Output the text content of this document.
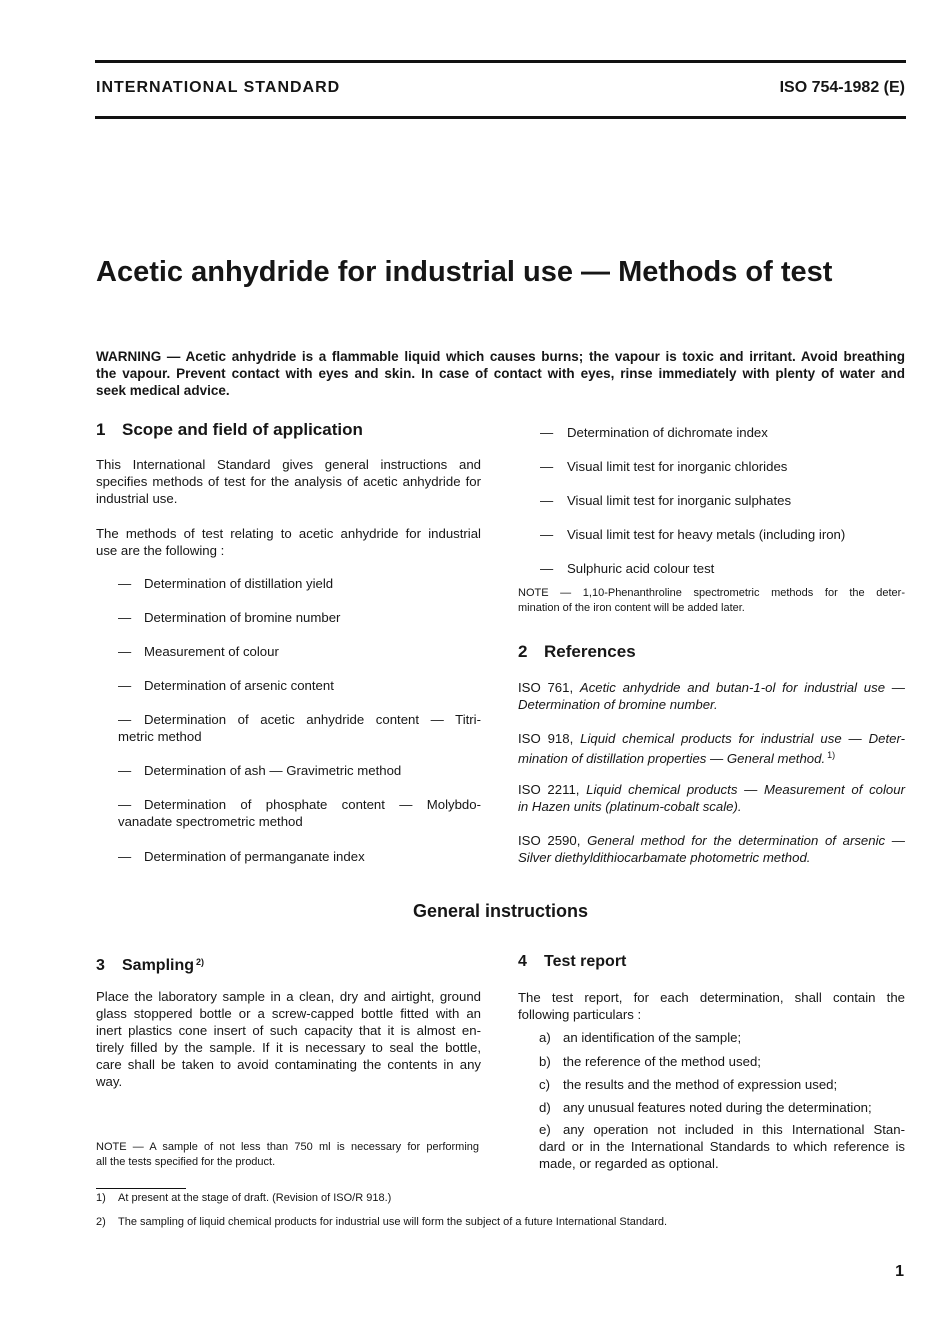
INTERNATIONAL STANDARD	ISO 754-1982 (E)
Acetic anhydride for industrial use — Methods of test
WARNING — Acetic anhydride is a flammable liquid which causes burns; the vapour is toxic and irritant. Avoid breathing
the vapour. Prevent contact with eyes and skin. In case of contact with eyes, rinse immediately with plenty of water and
seek medical advice.
1 Scope and field of application
This International Standard gives general instructions and
specifies methods of test for the analysis of acetic anhydride for
industrial use.
The methods of test relating to acetic anhydride for industrial
use are the following :
— Determination of distillation yield
— Determination of bromine number
— Measurement of colour
— Determination of arsenic content
— Determination of acetic anhydride content — Titri-
metric method
— Determination of ash — Gravimetric method
— Determination of phosphate content — Molybdo-
vanadate spectrometric method
— Determination of permanganate index
— Determination of dichromate index
— Visual limit test for inorganic chlorides
— Visual limit test for inorganic sulphates
— Visual limit test for heavy metals (including iron)
— Sulphuric acid colour test
NOTE — 1,10-Phenanthroline spectrometric methods for the deter-
mination of the iron content will be added later.
2 References
ISO 761, Acetic anhydride and butan-1-ol for industrial use —
Determination of bromine number.
ISO 918, Liquid chemical products for industrial use — Deter-
mination of distillation properties — General method. $^{1)}$
ISO 2211, Liquid chemical products — Measurement of colour
in Hazen units (platinum-cobalt scale).
ISO 2590, General method for the determination of arsenic —
Silver diethyldithiocarbamate photometric method.
General instructions
3 Sampling $^{2)}$
Place the laboratory sample in a clean, dry and airtight, ground
glass stoppered bottle or a screw-capped bottle fitted with an
inert plastics cone insert of such capacity that it is almost en-
tirely filled by the sample. If it is necessary to seal the bottle,
care shall be taken to avoid contaminating the contents in any
way.
NOTE — A sample of not less than 750 ml is necessary for performing
all the tests specified for the product.
4 Test report
The test report, for each determination, shall contain the
following particulars :
a) an identification of the sample;
b) the reference of the method used;
c) the results and the method of expression used;
d) any unusual features noted during the determination;
e) any operation not included in this International Stan-
dard or in the International Standards to which reference is
made, or regarded as optional.
1) At present at the stage of draft. (Revision of ISO/R 918.)
2) The sampling of liquid chemical products for industrial use will form the subject of a future International Standard.
1
